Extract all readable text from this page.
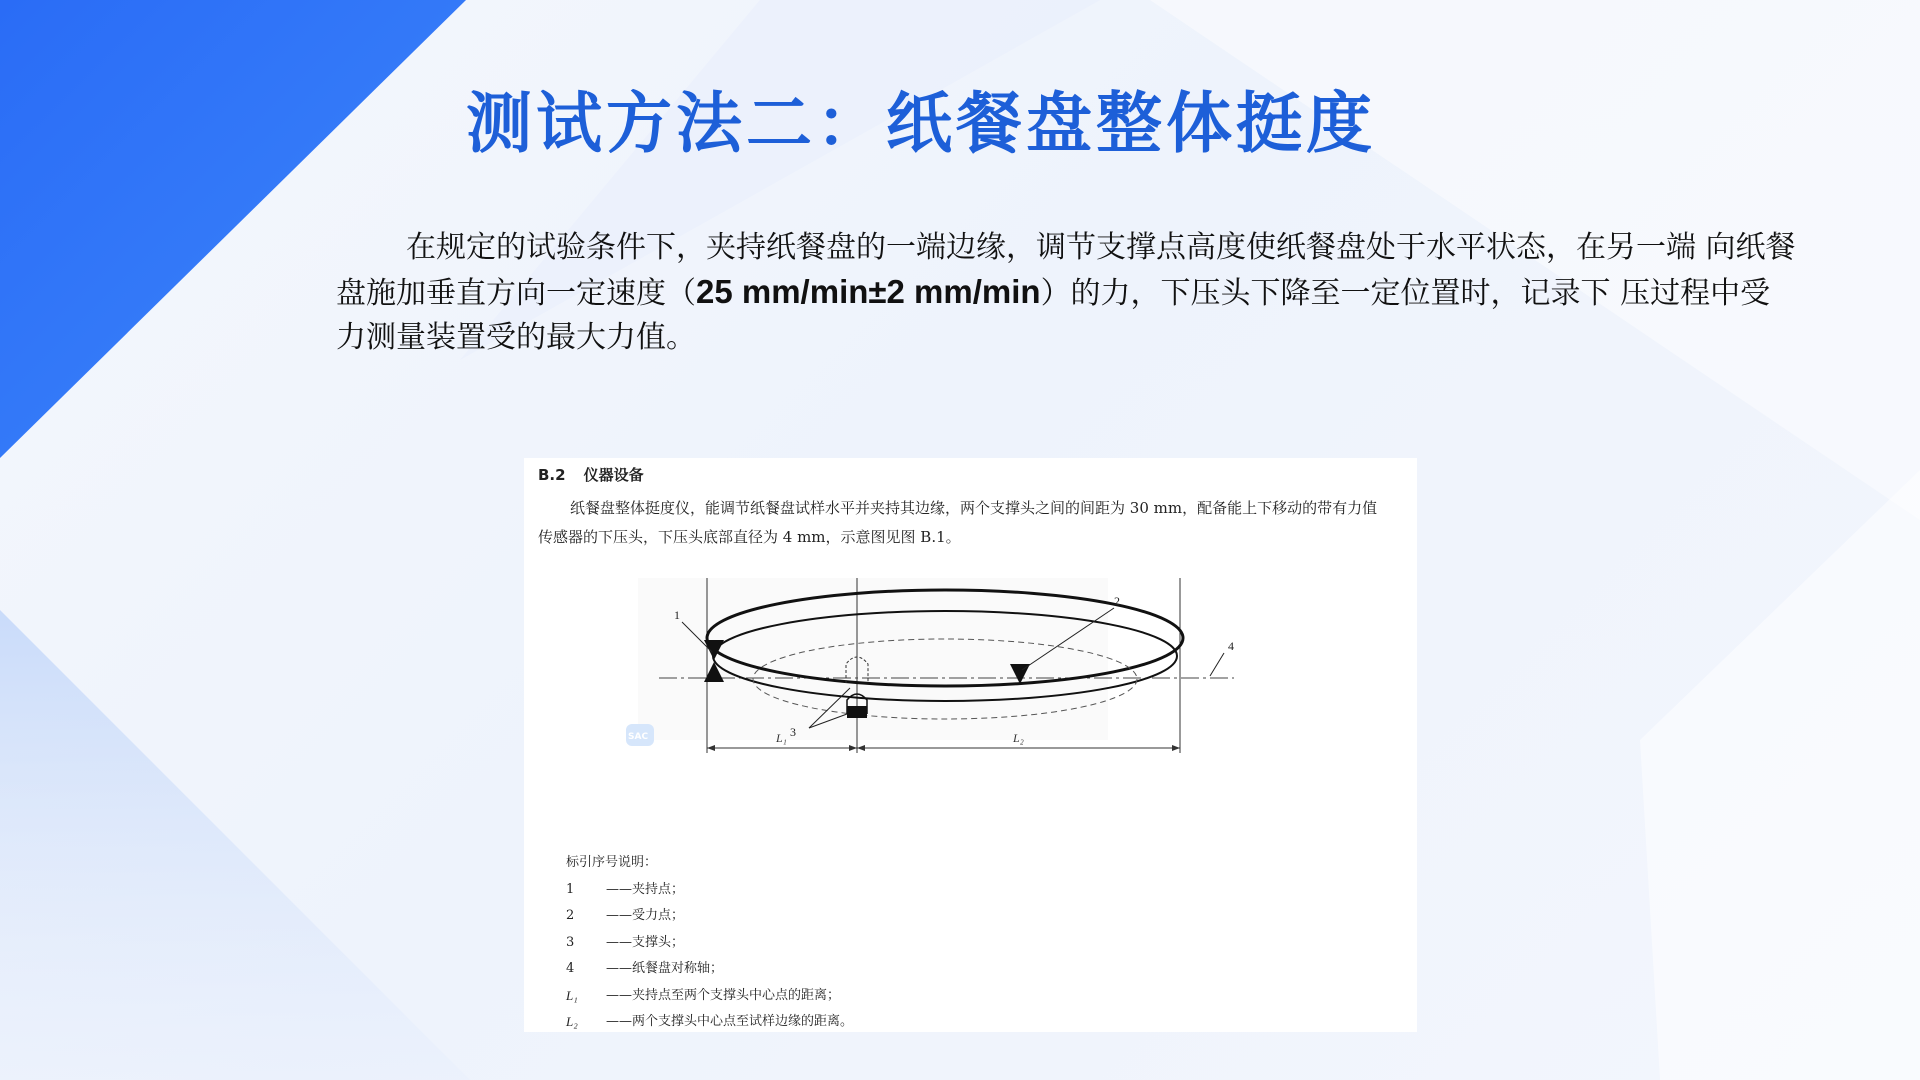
测试方法二：纸餐盘整体挺度

在规定的试验条件下，夹持纸餐盘的一端边缘，调节支撑点高度使纸餐盘处于水平状态，在另一端 向纸餐盘施加垂直方向一定速度（25 mm/min±2 mm/min）的力，下压头下降至一定位置时，记录下 压过程中受力测量装置受的最大力值。

B.2 仪器设备

纸餐盘整体挺度仪，能调节纸餐盘试样水平并夹持其边缘，两个支撑头之间的间距为 30 mm，配备能上下移动的带有力值传感器的下压头，下压头底部直径为 4 mm，示意图见图 B.1。

1
2
3
4
L₁	L₂
SAC
标引序号说明：
1	——夹持点；
2	——受力点；
3	——支撑头；
4	——纸餐盘对称轴；
L₁	——夹持点至两个支撑头中心点的距离；
L₂	——两个支撑头中心点至试样边缘的距离。
